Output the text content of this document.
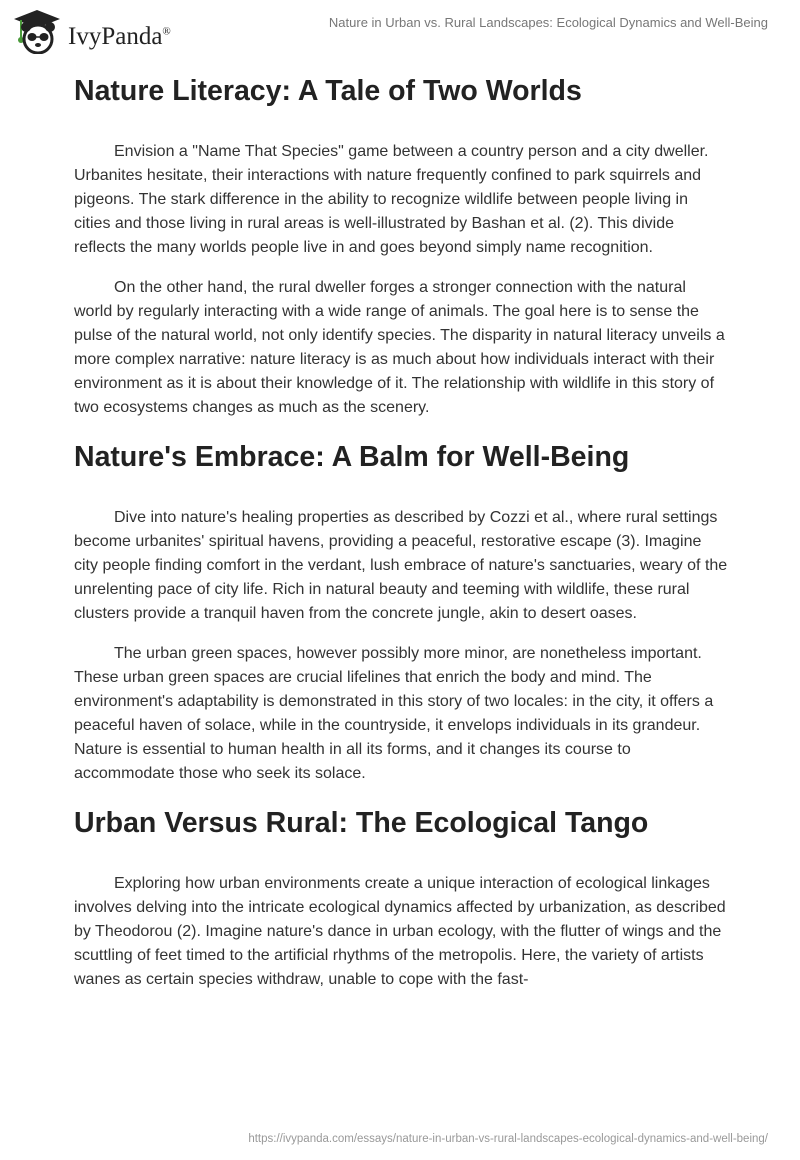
IvyPanda®
Nature in Urban vs. Rural Landscapes: Ecological Dynamics and Well-Being
Nature Literacy: A Tale of Two Worlds

Envision a "Name That Species" game between a country person and a city dweller. Urbanites hesitate, their interactions with nature frequently confined to park squirrels and pigeons. The stark difference in the ability to recognize wildlife between people living in cities and those living in rural areas is well-illustrated by Bashan et al. (2). This divide reflects the many worlds people live in and goes beyond simply name recognition.

On the other hand, the rural dweller forges a stronger connection with the natural world by regularly interacting with a wide range of animals. The goal here is to sense the pulse of the natural world, not only identify species. The disparity in natural literacy unveils a more complex narrative: nature literacy is as much about how individuals interact with their environment as it is about their knowledge of it. The relationship with wildlife in this story of two ecosystems changes as much as the scenery.

Nature's Embrace: A Balm for Well-Being

Dive into nature's healing properties as described by Cozzi et al., where rural settings become urbanites' spiritual havens, providing a peaceful, restorative escape (3). Imagine city people finding comfort in the verdant, lush embrace of nature's sanctuaries, weary of the unrelenting pace of city life. Rich in natural beauty and teeming with wildlife, these rural clusters provide a tranquil haven from the concrete jungle, akin to desert oases.

The urban green spaces, however possibly more minor, are nonetheless important. These urban green spaces are crucial lifelines that enrich the body and mind. The environment's adaptability is demonstrated in this story of two locales: in the city, it offers a peaceful haven of solace, while in the countryside, it envelops individuals in its grandeur. Nature is essential to human health in all its forms, and it changes its course to accommodate those who seek its solace.

Urban Versus Rural: The Ecological Tango

Exploring how urban environments create a unique interaction of ecological linkages involves delving into the intricate ecological dynamics affected by urbanization, as described by Theodorou (2). Imagine nature's dance in urban ecology, with the flutter of wings and the scuttling of feet timed to the artificial rhythms of the metropolis. Here, the variety of artists wanes as certain species withdraw, unable to cope with the fast-

https://ivypanda.com/essays/nature-in-urban-vs-rural-landscapes-ecological-dynamics-and-well-being/
